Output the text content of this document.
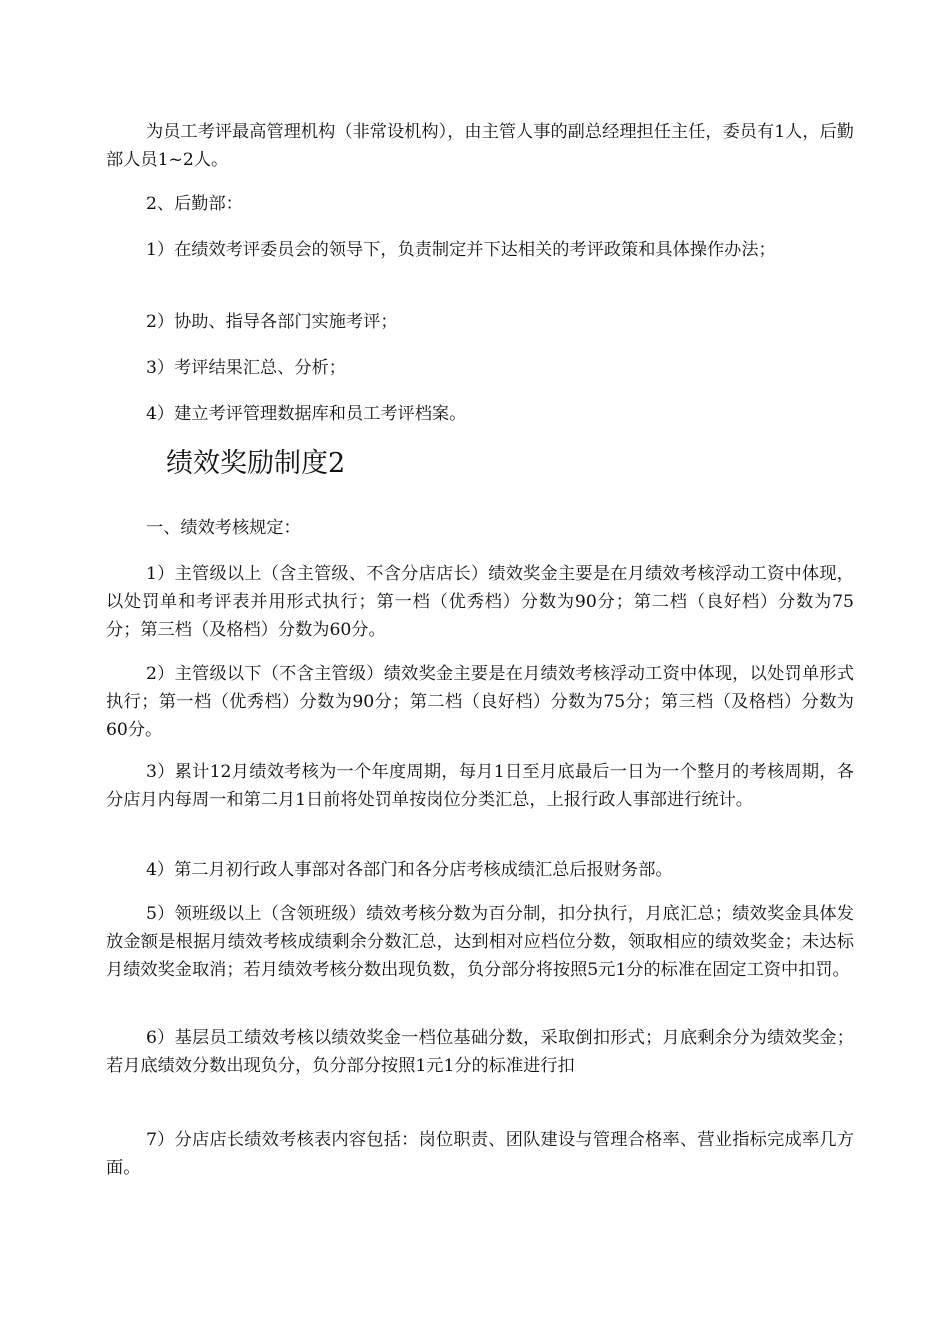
为员工考评最高管理机构（非常设机构），由主管人事的副总经理担任主任，委员有1人，后勤部人员1~2人。

2、后勤部：

1）在绩效考评委员会的领导下，负责制定并下达相关的考评政策和具体操作办法；

2）协助、指导各部门实施考评；

3）考评结果汇总、分析；

4）建立考评管理数据库和员工考评档案。

绩效奖励制度2

一、绩效考核规定：

1）主管级以上（含主管级、不含分店店长）绩效奖金主要是在月绩效考核浮动工资中体现，以处罚单和考评表并用形式执行；第一档（优秀档）分数为90分；第二档（良好档）分数为75分；第三档（及格档）分数为60分。

2）主管级以下（不含主管级）绩效奖金主要是在月绩效考核浮动工资中体现，以处罚单形式执行；第一档（优秀档）分数为90分；第二档（良好档）分数为75分；第三档（及格档）分数为60分。

3）累计12月绩效考核为一个年度周期，每月1日至月底最后一日为一个整月的考核周期，各分店月内每周一和第二月1日前将处罚单按岗位分类汇总，上报行政人事部进行统计。

4）第二月初行政人事部对各部门和各分店考核成绩汇总后报财务部。

5）领班级以上（含领班级）绩效考核分数为百分制，扣分执行，月底汇总；绩效奖金具体发放金额是根据月绩效考核成绩剩余分数汇总，达到相对应档位分数，领取相应的绩效奖金；未达标月绩效奖金取消；若月绩效考核分数出现负数，负分部分将按照5元1分的标准在固定工资中扣罚。

6）基层员工绩效考核以绩效奖金一档位基础分数，采取倒扣形式；月底剩余分为绩效奖金；若月底绩效分数出现负分，负分部分按照1元1分的标准进行扣

7）分店店长绩效考核表内容包括：岗位职责、团队建设与管理合格率、营业指标完成率几方面。
